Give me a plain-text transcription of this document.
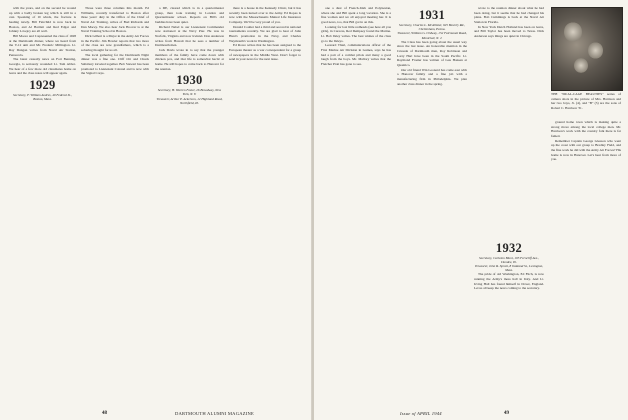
with the years, and on the second he wound up with a badly broken leg which is still in a cast. Speaking of ill winds, the fracture is healing nicely. Bill Fairchild is now back in Boston, and Al Bartlett and Red Edgar and Johnny Lovejoy are all well.

Bill Moore and I represented the class of 1928 at the Dartmouth dinner, where we heard from the V-12 unit and Mr. Frederic Millington. Lt. Ray Dungan writes from Naval Air Station, Pensacola.

The latest casualty news on Fort Benning, Georgia, is seriously wounded Lt. Tom Abbot. We hear of a few more old classmates home on leave and the class notes will appear again.

1929
Secretary, F. William Andres, 40 Federal St., Boston, Mass.

Those were three columns this month. Ed Williams, recently transferred to Boston after three years' duty in the Office of the Chief of Naval Air Training, writes of Bud Richards and Dan Macey. We also hear Jack Hoover is at the Naval Training School in Boston.

Dick Gilbert is a Major in the Army Air Forces in the Pacific. Jim Bowler reports that two more of the class are now grandfathers, which is a sobering thought for us all.

The local gathering for the Dartmouth Night dinner was a fine one. Cliff Orr and Chuck Salisbury traveled together. Bob Stewart has been promoted to Lieutenant Colonel and is now with the Signal Corps.

a DE, cleared which is in a quartermaster group, then took training in London and Quartermaster school. Reports on Bill's old buddies have been quiet.

Richard Nebel is our Lieutenant Commander now stationed at the Navy Pier. He was in Norfolk, Virginia and now Iceland. Don Anderson writes from Hawaii that he sees a number of Dartmouth men.

Jack Davis wrote in to say that the younger members of the family have come down with chicken pox, and that life is somewhat hectic at home. He still hopes to come back to Hanover for the reunion.

1930
Secretary, H. Warren Foster, 26 Broadway, New York, N. Y.
Treasurer, Arthur P. Ackerson, 12 Highland Road, Northfield, Ill.

there is a house in the Kennedy Clinic, but it has recently been turned over to the Army. Ed Ropes is now with the Massachusetts Mutual Life Insurance Company. We'll be very proud of you.

Donald Coulter had a third and second in national tournaments recently. We are glad to hear of John Hunt's promotion in the Navy, and Charles Weymouth's work in Washington.

Ed Rowe writes that he has been assigned to the European theater as a war correspondent for a group of newspapers in the Middle West. Don't forget to send in your news for the next issue.

48	DARTMOUTH ALUMNI MAGAZINE

one a dust of French-Irish and Polynesian, where she and Bill spent a long vacation. She is a fine woman and we all enjoyed meeting her. It is good news, too, that Bill got in on this.

Looking for lost little redheads (see here all you girls), in Caracas, Red Dempsey found the Marine. Lt. Bob Ilsley writes. The best wishes of the class go to the Ilsleys.

Leonard Thiel, communications officer of the First Marine Air Division in Guinea, says he has had a pair of a combat pilots and many a good laugh from the boys. Mr. Mallory writes that the Fletcher Pratt has gone to sea.

1931
Secretary, Charles L. McAllister, 925 Beverly Rd., Cheltenham, Penna.
Treasurer, William G. Ordway, 152 Fairmount Road, Montclair, N. J.

The Class has been going about the usual way since the last issue. An honorable mention in the Crusade of Dartmouth men, Roy Robinson and Larry Hart have been in the South Pacific. Lt. Raymond Frazier has written of Gus Hansen at Quantico.

Our old friend Win Leonard has come east with a Hanover family and a fine job with a manufacturing firm in Philadelphia. We plan another class dinner in the spring.

wrote to the reunion dinner about what he had been doing, but it seems that he had changed his plans. Bob Cummings is back at the Naval Air Station in Florida.

In New York Dutch Holland has been on leave, and Bill Taylor has been moved to Texas. Dick Anderson says things are quiet in Chicago.

1932
Secretary, Carleton Blunt, 105 Ferncliff Ave., Dundee, Ill.
Treasurer, John R. Spratt, 8 Oakland St., Lexington, Mass.

The pride of old Washington, Ed Fitch, is now running the Army's mess hall in Italy. And Lt. Irving Hall has found himself in Dover, England. Let us all keep the news coming to the secretary.

THE "DUAL-CAGE BEAUTIES" series of camera shots in the picture of Mrs. Harrison and her two boys, Jr. (4), and "B" (3) are the sons of Robert C. Harrison '31.

ground home town which is making quite a strong move among the local college men. Mr. Harrison's work with the country folk there is far famed.

Remember Captain George Gleason who went up the coast with our group to Bradley Field, and the fine work he did with the Army Air Forces? His home is now in Hanover. Let's hear from more of you.

Issue of APRIL 1944	49
